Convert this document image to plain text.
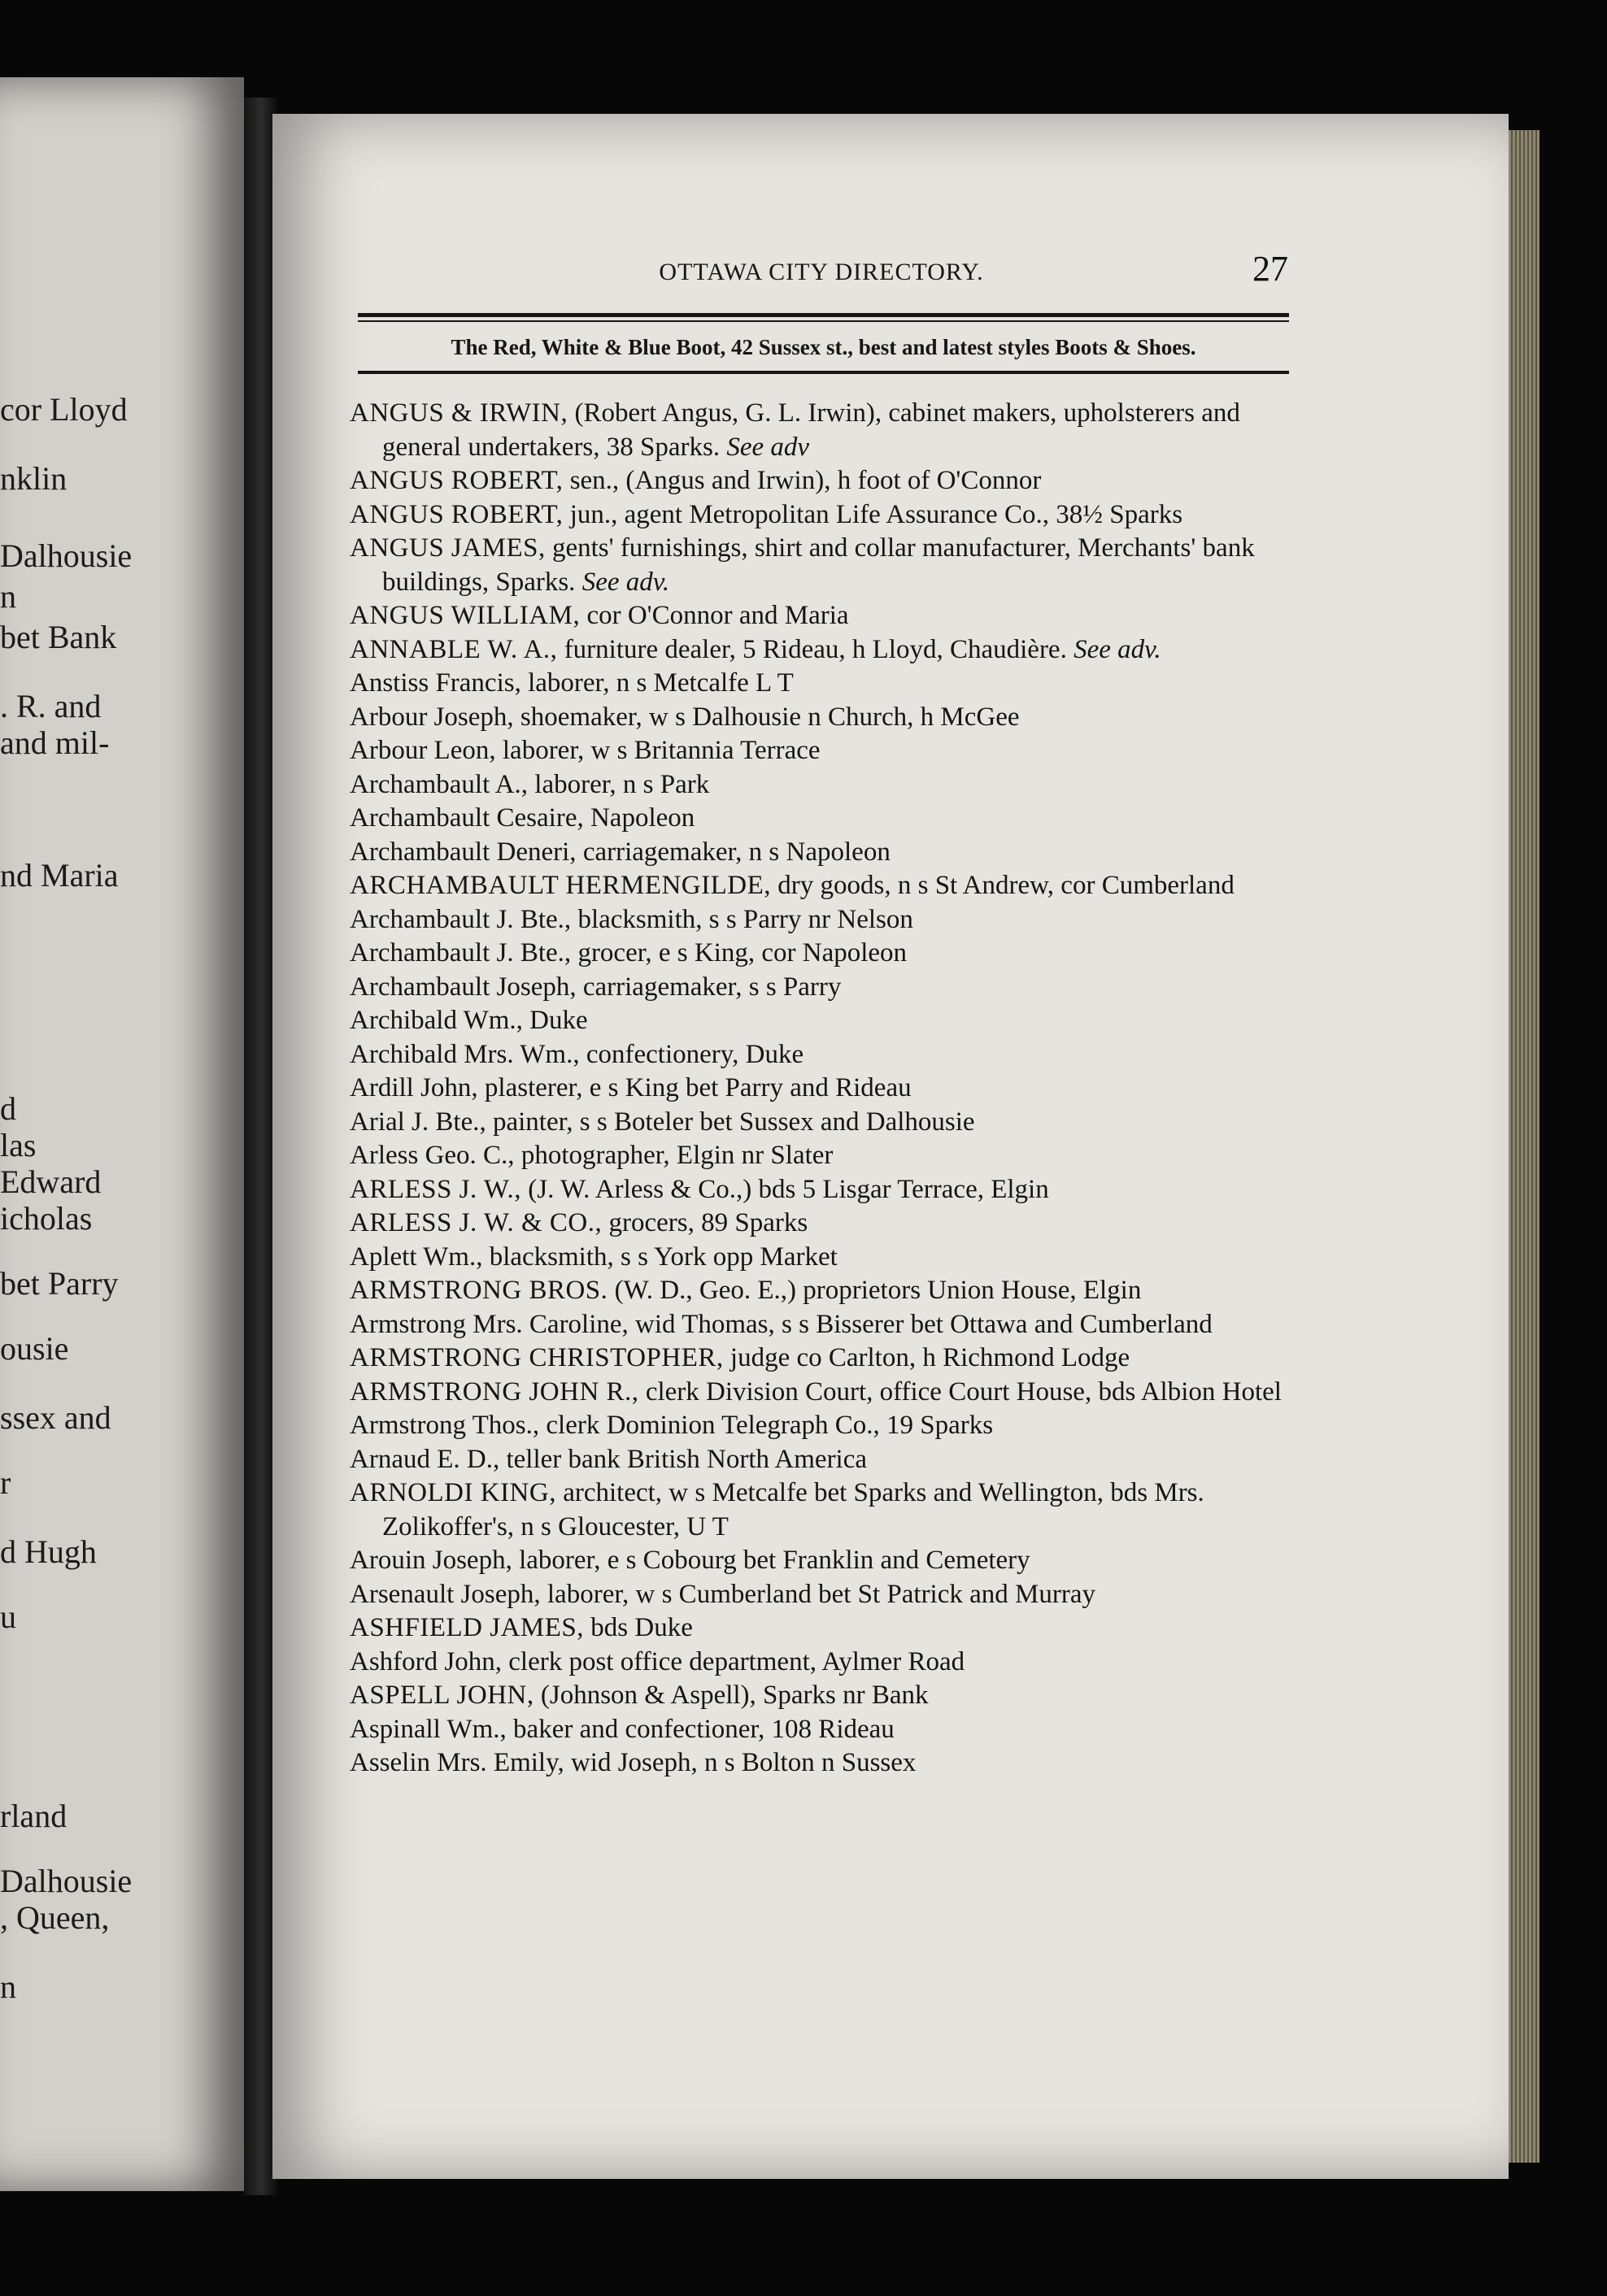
cor Lloyd
nklin
Dalhousie
n
bet Bank
. R. and
and mil-
nd Maria
d
las
Edward
icholas
bet Parry
ousie
ssex and
r
d Hugh
u
rland
Dalhousie
, Queen,
n
OTTAWA CITY DIRECTORY.	27
The Red, White & Blue Boot, 42 Sussex st., best and latest styles Boots & Shoes.
ANGUS & IRWIN, (Robert Angus, G. L. Irwin), cabinet makers, upholsterers and general undertakers, 38 Sparks. See adv
ANGUS ROBERT, sen., (Angus and Irwin), h foot of O'Connor
ANGUS ROBERT, jun., agent Metropolitan Life Assurance Co., 38½ Sparks
ANGUS JAMES, gents' furnishings, shirt and collar manufacturer, Merchants' bank buildings, Sparks. See adv.
ANGUS WILLIAM, cor O'Connor and Maria
ANNABLE W. A., furniture dealer, 5 Rideau, h Lloyd, Chaudière. See adv.
Anstiss Francis, laborer, n s Metcalfe L T
Arbour Joseph, shoemaker, w s Dalhousie n Church, h McGee
Arbour Leon, laborer, w s Britannia Terrace
Archambault A., laborer, n s Park
Archambault Cesaire, Napoleon
Archambault Deneri, carriagemaker, n s Napoleon
ARCHAMBAULT HERMENGILDE, dry goods, n s St Andrew, cor Cumberland
Archambault J. Bte., blacksmith, s s Parry nr Nelson
Archambault J. Bte., grocer, e s King, cor Napoleon
Archambault Joseph, carriagemaker, s s Parry
Archibald Wm., Duke
Archibald Mrs. Wm., confectionery, Duke
Ardill John, plasterer, e s King bet Parry and Rideau
Arial J. Bte., painter, s s Boteler bet Sussex and Dalhousie
Arless Geo. C., photographer, Elgin nr Slater
ARLESS J. W., (J. W. Arless & Co.,) bds 5 Lisgar Terrace, Elgin
ARLESS J. W. & CO., grocers, 89 Sparks
Aplett Wm., blacksmith, s s York opp Market
ARMSTRONG BROS. (W. D., Geo. E.,) proprietors Union House, Elgin
Armstrong Mrs. Caroline, wid Thomas, s s Bisserer bet Ottawa and Cumberland
ARMSTRONG CHRISTOPHER, judge co Carlton, h Richmond Lodge
ARMSTRONG JOHN R., clerk Division Court, office Court House, bds Albion Hotel
Armstrong Thos., clerk Dominion Telegraph Co., 19 Sparks
Arnaud E. D., teller bank British North America
ARNOLDI KING, architect, w s Metcalfe bet Sparks and Wellington, bds Mrs. Zolikoffer's, n s Gloucester, U T
Arouin Joseph, laborer, e s Cobourg bet Franklin and Cemetery
Arsenault Joseph, laborer, w s Cumberland bet St Patrick and Murray
ASHFIELD JAMES, bds Duke
Ashford John, clerk post office department, Aylmer Road
ASPELL JOHN, (Johnson & Aspell), Sparks nr Bank
Aspinall Wm., baker and confectioner, 108 Rideau
Asselin Mrs. Emily, wid Joseph, n s Bolton n Sussex
